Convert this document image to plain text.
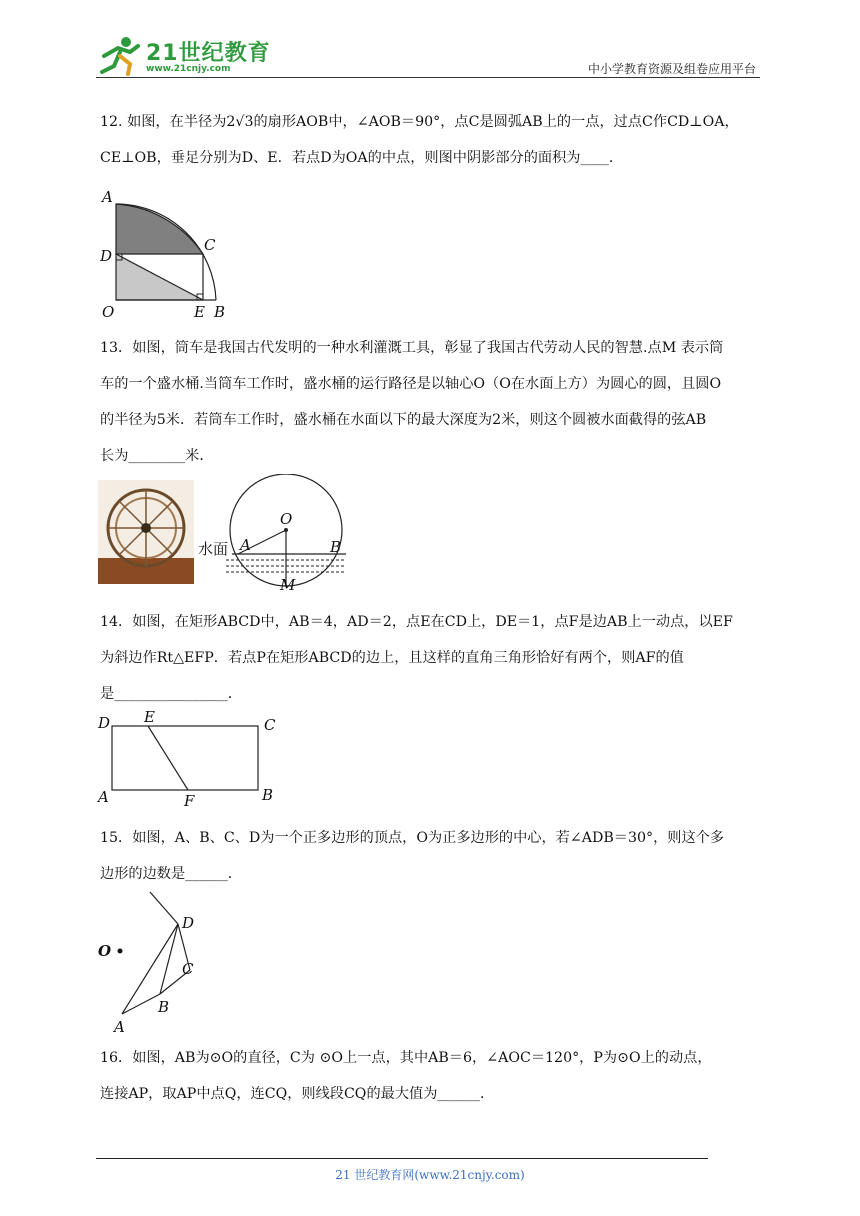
21世纪教育
www.21cnjy.com	中小学教育资源及组卷应用平台

12. 如图，在半径为2√3的扇形AOB中，∠AOB＝90°，点C是圆弧AB上的一点，过点C作CD⊥OA，

CE⊥OB，垂足分别为D、E．若点D为OA的中点，则图中阴影部分的面积为____．

A
C
D
O	E B

13．如图，筒车是我国古代发明的一种水利灌溉工具，彰显了我国古代劳动人民的智慧.点M 表示筒

车的一个盛水桶.当筒车工作时，盛水桶的运行路径是以轴心O（O在水面上方）为圆心的圆，且圆O

的半径为5米．若筒车工作时，盛水桶在水面以下的最大深度为2米，则这个圆被水面截得的弦AB

长为________米．

O
水面 A	B
M

14．如图，在矩形ABCD中，AB＝4，AD＝2，点E在CD上，DE＝1，点F是边AB上一动点，以EF

为斜边作Rt△EFP．若点P在矩形ABCD的边上，且这样的直角三角形恰好有两个，则AF的值

是________________．

D E	C
A	F	B

15．如图，A、B、C、D为一个正多边形的顶点，O为正多边形的中心，若∠ADB＝30°，则这个多

边形的边数是______．

D
O
C
B
A

16．如图，AB为⊙O的直径，C为 ⊙O上一点，其中AB＝6，∠AOC＝120°，P为⊙O上的动点，

连接AP，取AP中点Q，连CQ，则线段CQ的最大值为______．

21 世纪教育网(www.21cnjy.com)
